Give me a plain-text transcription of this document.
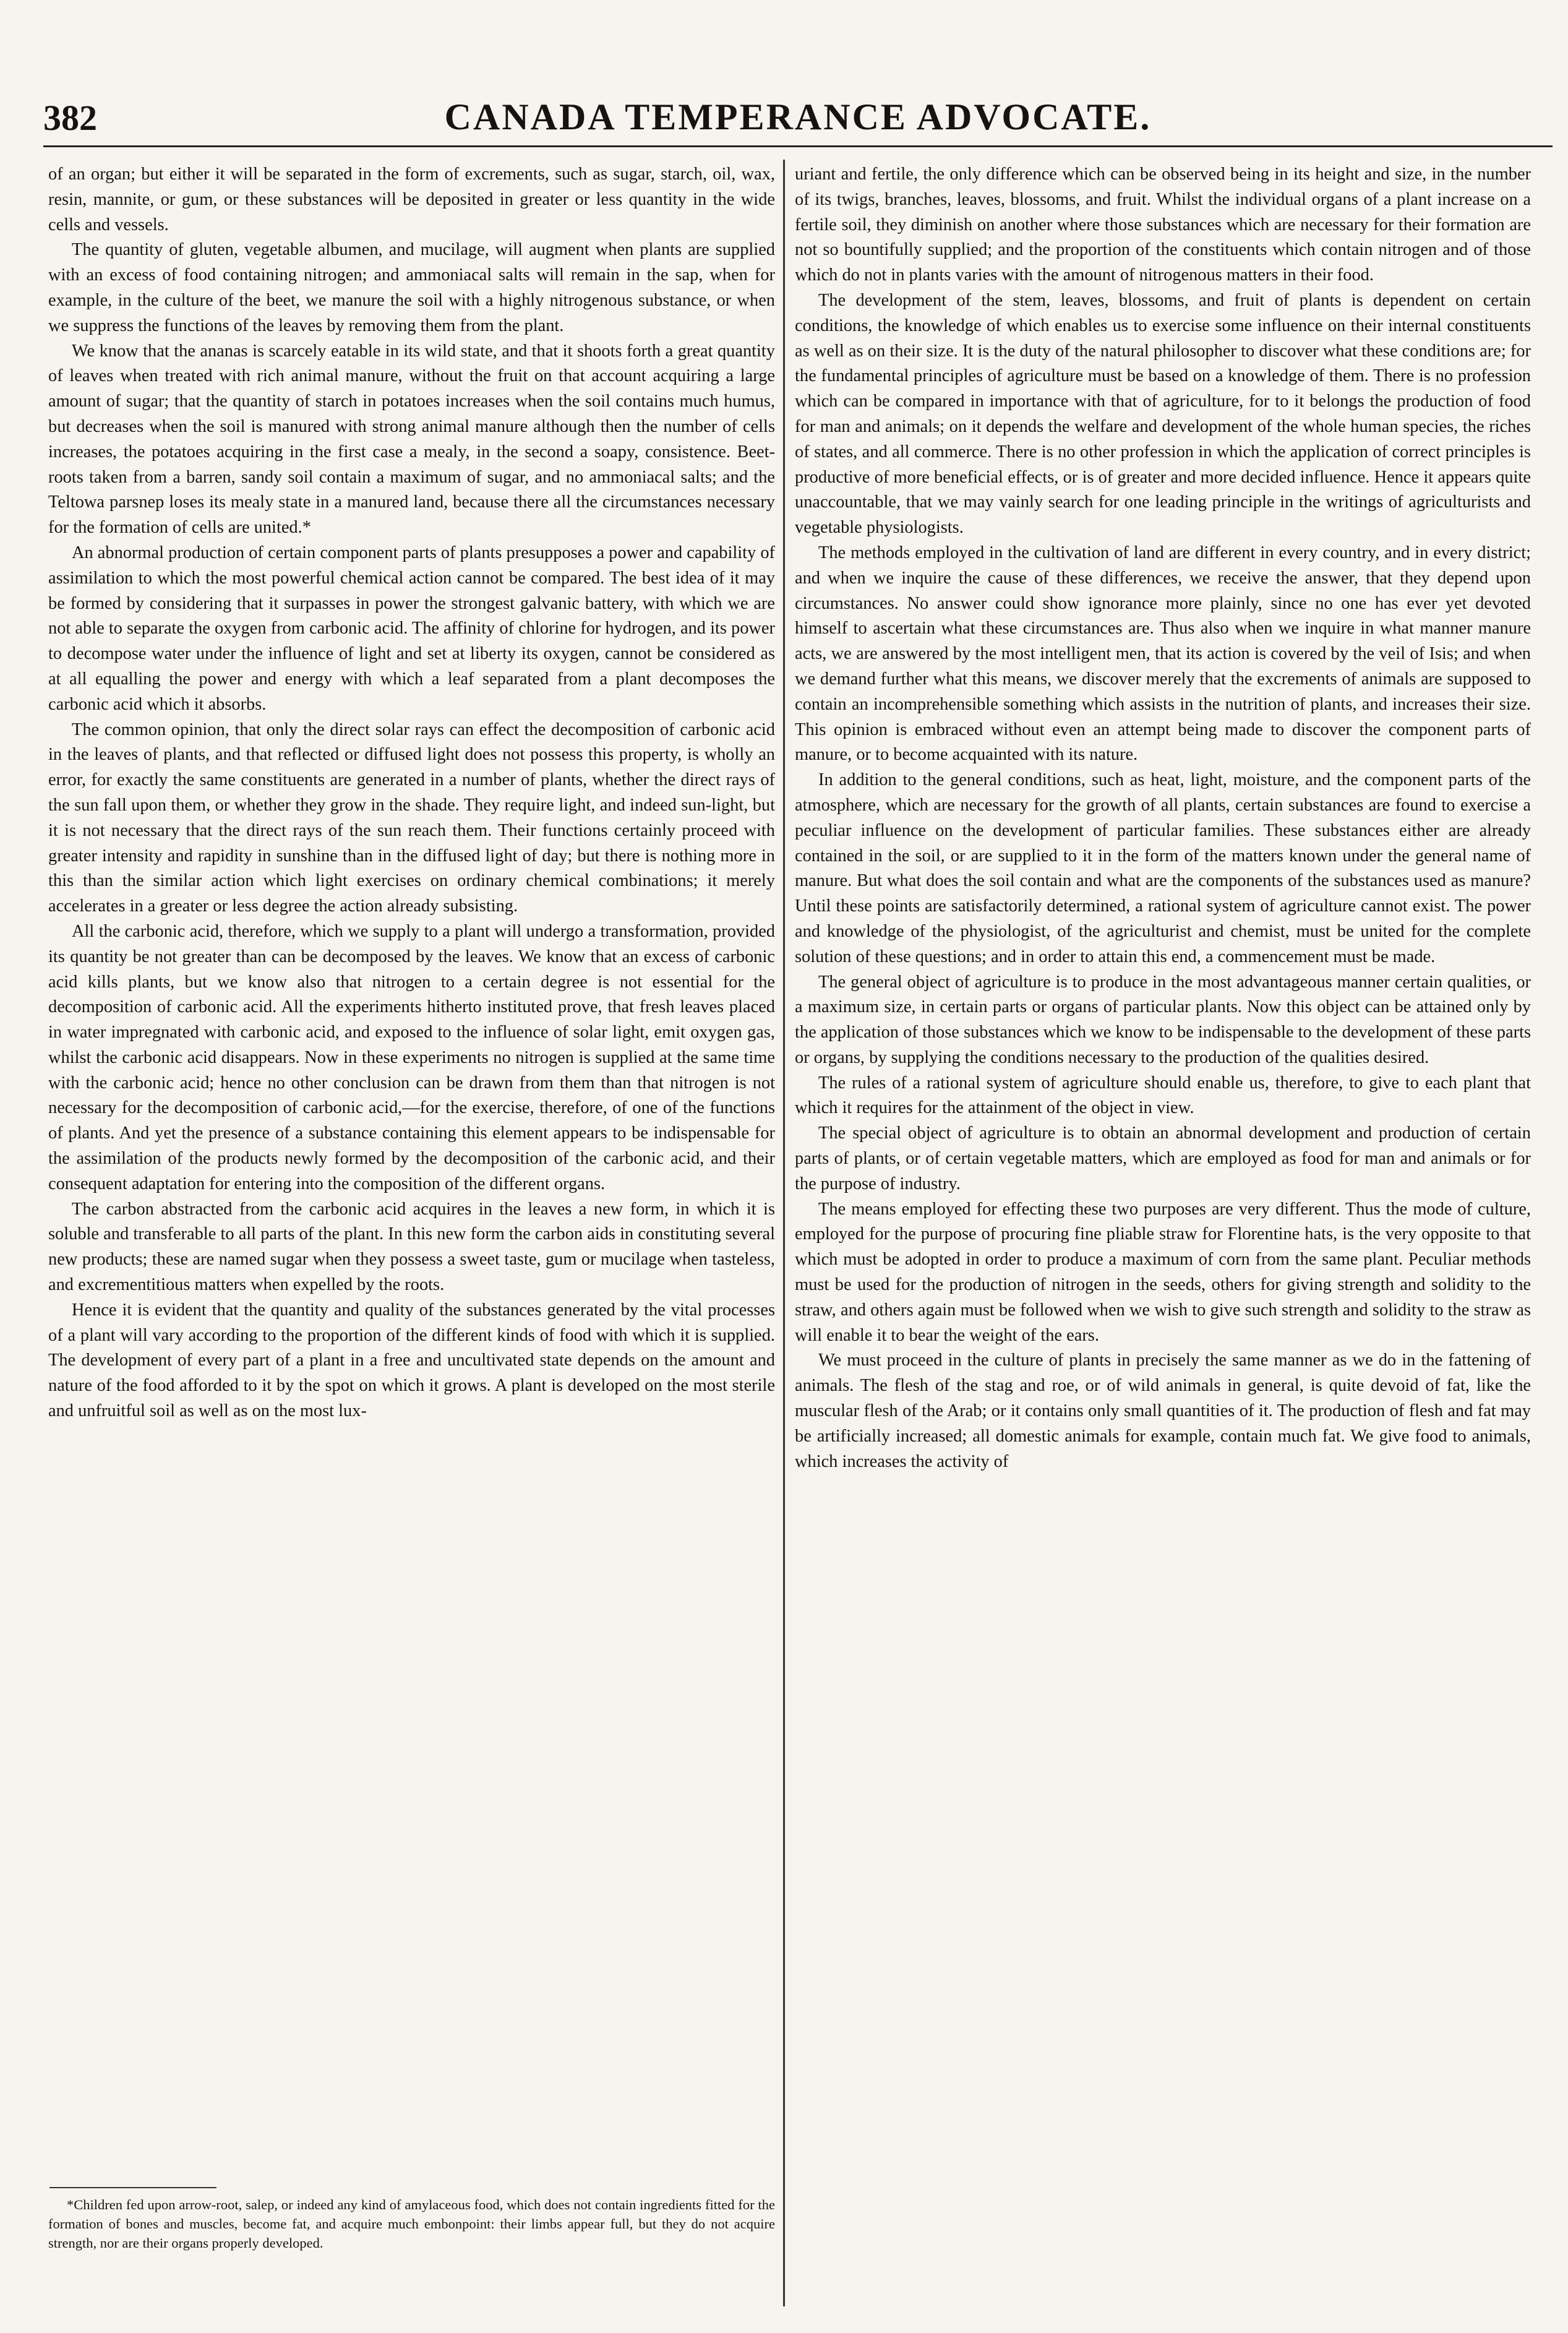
382	CANADA TEMPERANCE ADVOCATE.

of an organ; but either it will be separated in the form of excrements, such as sugar, starch, oil, wax, resin, mannite, or gum, or these substances will be deposited in greater or less quantity in the wide cells and vessels.

The quantity of gluten, vegetable albumen, and mucilage, will augment when plants are supplied with an excess of food containing nitrogen; and ammoniacal salts will remain in the sap, when for example, in the culture of the beet, we manure the soil with a highly nitrogenous substance, or when we suppress the functions of the leaves by removing them from the plant.

We know that the ananas is scarcely eatable in its wild state, and that it shoots forth a great quantity of leaves when treated with rich animal manure, without the fruit on that account acquiring a large amount of sugar; that the quantity of starch in potatoes increases when the soil contains much humus, but decreases when the soil is manured with strong animal manure although then the number of cells increases, the potatoes acquiring in the first case a mealy, in the second a soapy, consistence. Beet-roots taken from a barren, sandy soil contain a maximum of sugar, and no ammoniacal salts; and the Teltowa parsnep loses its mealy state in a manured land, because there all the circumstances necessary for the formation of cells are united.*

An abnormal production of certain component parts of plants presupposes a power and capability of assimilation to which the most powerful chemical action cannot be compared. The best idea of it may be formed by considering that it surpasses in power the strongest galvanic battery, with which we are not able to separate the oxygen from carbonic acid. The affinity of chlorine for hydrogen, and its power to decompose water under the influence of light and set at liberty its oxygen, cannot be considered as at all equalling the power and energy with which a leaf separated from a plant decomposes the carbonic acid which it absorbs.

The common opinion, that only the direct solar rays can effect the decomposition of carbonic acid in the leaves of plants, and that reflected or diffused light does not possess this property, is wholly an error, for exactly the same constituents are generated in a number of plants, whether the direct rays of the sun fall upon them, or whether they grow in the shade. They require light, and indeed sun-light, but it is not necessary that the direct rays of the sun reach them. Their functions certainly proceed with greater intensity and rapidity in sunshine than in the diffused light of day; but there is nothing more in this than the similar action which light exercises on ordinary chemical combinations; it merely accelerates in a greater or less degree the action already subsisting.

All the carbonic acid, therefore, which we supply to a plant will undergo a transformation, provided its quantity be not greater than can be decomposed by the leaves. We know that an excess of carbonic acid kills plants, but we know also that nitrogen to a certain degree is not essential for the decomposition of carbonic acid. All the experiments hitherto instituted prove, that fresh leaves placed in water impregnated with carbonic acid, and exposed to the influence of solar light, emit oxygen gas, whilst the carbonic acid disappears. Now in these experiments no nitrogen is supplied at the same time with the carbonic acid; hence no other conclusion can be drawn from them than that nitrogen is not necessary for the decomposition of carbonic acid,—for the exercise, therefore, of one of the functions of plants. And yet the presence of a substance containing this element appears to be indispensable for the assimilation of the products newly formed by the decomposition of the carbonic acid, and their consequent adaptation for entering into the composition of the different organs.

The carbon abstracted from the carbonic acid acquires in the leaves a new form, in which it is soluble and transferable to all parts of the plant. In this new form the carbon aids in constituting several new products; these are named sugar when they possess a sweet taste, gum or mucilage when tasteless, and excrementitious matters when expelled by the roots.

Hence it is evident that the quantity and quality of the substances generated by the vital processes of a plant will vary according to the proportion of the different kinds of food with which it is supplied. The development of every part of a plant in a free and uncultivated state depends on the amount and nature of the food afforded to it by the spot on which it grows. A plant is developed on the most sterile and unfruitful soil as well as on the most lux-

uriant and fertile, the only difference which can be observed being in its height and size, in the number of its twigs, branches, leaves, blossoms, and fruit. Whilst the individual organs of a plant increase on a fertile soil, they diminish on another where those substances which are necessary for their formation are not so bountifully supplied; and the proportion of the constituents which contain nitrogen and of those which do not in plants varies with the amount of nitrogenous matters in their food.

The development of the stem, leaves, blossoms, and fruit of plants is dependent on certain conditions, the knowledge of which enables us to exercise some influence on their internal constituents as well as on their size. It is the duty of the natural philosopher to discover what these conditions are; for the fundamental principles of agriculture must be based on a knowledge of them. There is no profession which can be compared in importance with that of agriculture, for to it belongs the production of food for man and animals; on it depends the welfare and development of the whole human species, the riches of states, and all commerce. There is no other profession in which the application of correct principles is productive of more beneficial effects, or is of greater and more decided influence. Hence it appears quite unaccountable, that we may vainly search for one leading principle in the writings of agriculturists and vegetable physiologists.

The methods employed in the cultivation of land are different in every country, and in every district; and when we inquire the cause of these differences, we receive the answer, that they depend upon circumstances. No answer could show ignorance more plainly, since no one has ever yet devoted himself to ascertain what these circumstances are. Thus also when we inquire in what manner manure acts, we are answered by the most intelligent men, that its action is covered by the veil of Isis; and when we demand further what this means, we discover merely that the excrements of animals are supposed to contain an incomprehensible something which assists in the nutrition of plants, and increases their size. This opinion is embraced without even an attempt being made to discover the component parts of manure, or to become acquainted with its nature.

In addition to the general conditions, such as heat, light, moisture, and the component parts of the atmosphere, which are necessary for the growth of all plants, certain substances are found to exercise a peculiar influence on the development of particular families. These substances either are already contained in the soil, or are supplied to it in the form of the matters known under the general name of manure. But what does the soil contain and what are the components of the substances used as manure? Until these points are satisfactorily determined, a rational system of agriculture cannot exist. The power and knowledge of the physiologist, of the agriculturist and chemist, must be united for the complete solution of these questions; and in order to attain this end, a commencement must be made.

The general object of agriculture is to produce in the most advantageous manner certain qualities, or a maximum size, in certain parts or organs of particular plants. Now this object can be attained only by the application of those substances which we know to be indispensable to the development of these parts or organs, by supplying the conditions necessary to the production of the qualities desired.

The rules of a rational system of agriculture should enable us, therefore, to give to each plant that which it requires for the attainment of the object in view.

The special object of agriculture is to obtain an abnormal development and production of certain parts of plants, or of certain vegetable matters, which are employed as food for man and animals or for the purpose of industry.

The means employed for effecting these two purposes are very different. Thus the mode of culture, employed for the purpose of procuring fine pliable straw for Florentine hats, is the very opposite to that which must be adopted in order to produce a maximum of corn from the same plant. Peculiar methods must be used for the production of nitrogen in the seeds, others for giving strength and solidity to the straw, and others again must be followed when we wish to give such strength and solidity to the straw as will enable it to bear the weight of the ears.

We must proceed in the culture of plants in precisely the same manner as we do in the fattening of animals. The flesh of the stag and roe, or of wild animals in general, is quite devoid of fat, like the muscular flesh of the Arab; or it contains only small quantities of it. The production of flesh and fat may be artificially increased; all domestic animals for example, contain much fat. We give food to animals, which increases the activity of

*Children fed upon arrow-root, salep, or indeed any kind of amylaceous food, which does not contain ingredients fitted for the formation of bones and muscles, become fat, and acquire much embonpoint: their limbs appear full, but they do not acquire strength, nor are their organs properly developed.
